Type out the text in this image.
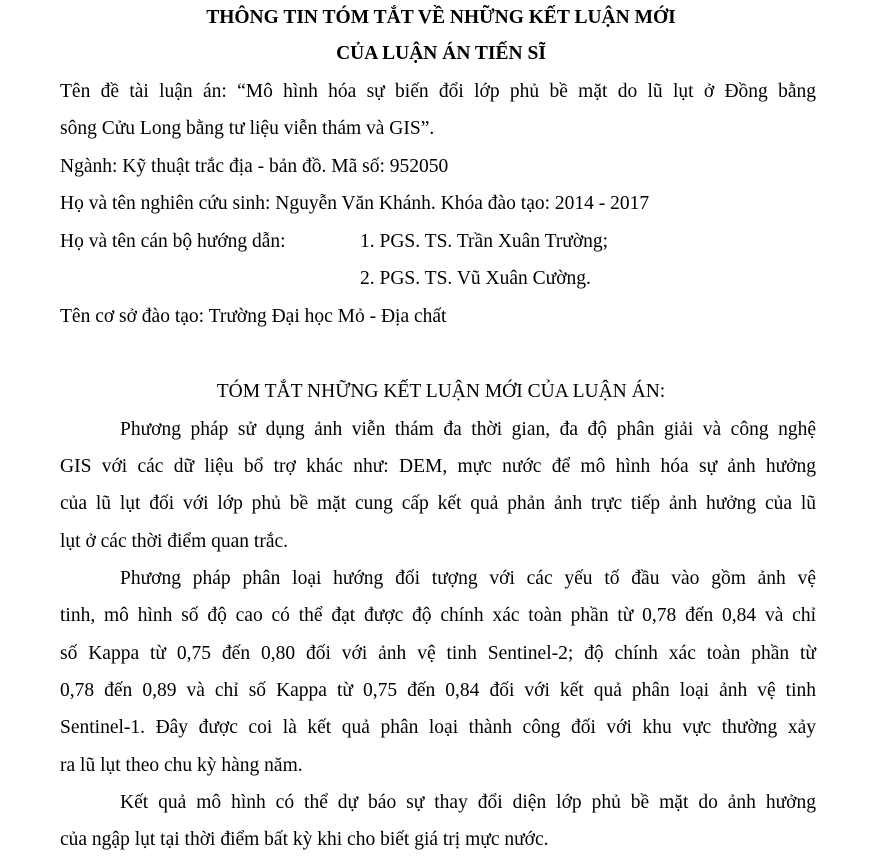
THÔNG TIN TÓM TẮT VỀ NHỮNG KẾT LUẬN MỚI
CỦA LUẬN ÁN TIẾN SĨ
Tên đề tài luận án: “Mô hình hóa sự biến đổi lớp phủ bề mặt do lũ lụt ở Đồng bằng
sông Cửu Long bằng tư liệu viễn thám và GIS”.
Ngành: Kỹ thuật trắc địa - bản đồ. Mã số: 952050
Họ và tên nghiên cứu sinh: Nguyễn Văn Khánh. Khóa đào tạo: 2014 - 2017
Họ và tên cán bộ hướng dẫn:	1. PGS. TS. Trần Xuân Trường;
2. PGS. TS. Vũ Xuân Cường.
Tên cơ sở đào tạo: Trường Đại học Mỏ - Địa chất
TÓM TẮT NHỮNG KẾT LUẬN MỚI CỦA LUẬN ÁN:
Phương pháp sử dụng ảnh viễn thám đa thời gian, đa độ phân giải và công nghệ
GIS với các dữ liệu bổ trợ khác như: DEM, mực nước để mô hình hóa sự ảnh hưởng
của lũ lụt đối với lớp phủ bề mặt cung cấp kết quả phản ảnh trực tiếp ảnh hưởng của lũ
lụt ở các thời điểm quan trắc.
Phương pháp phân loại hướng đối tượng với các yếu tố đầu vào gồm ảnh vệ
tinh, mô hình số độ cao có thể đạt được độ chính xác toàn phần từ 0,78 đến 0,84 và chỉ
số Kappa từ 0,75 đến 0,80 đối với ảnh vệ tinh Sentinel-2; độ chính xác toàn phần từ
0,78 đến 0,89 và chỉ số Kappa từ 0,75 đến 0,84 đối với kết quả phân loại ảnh vệ tinh
Sentinel-1. Đây được coi là kết quả phân loại thành công đối với khu vực thường xảy
ra lũ lụt theo chu kỳ hàng năm.
Kết quả mô hình có thể dự báo sự thay đổi diện lớp phủ bề mặt do ảnh hưởng
của ngập lụt tại thời điểm bất kỳ khi cho biết giá trị mực nước.
